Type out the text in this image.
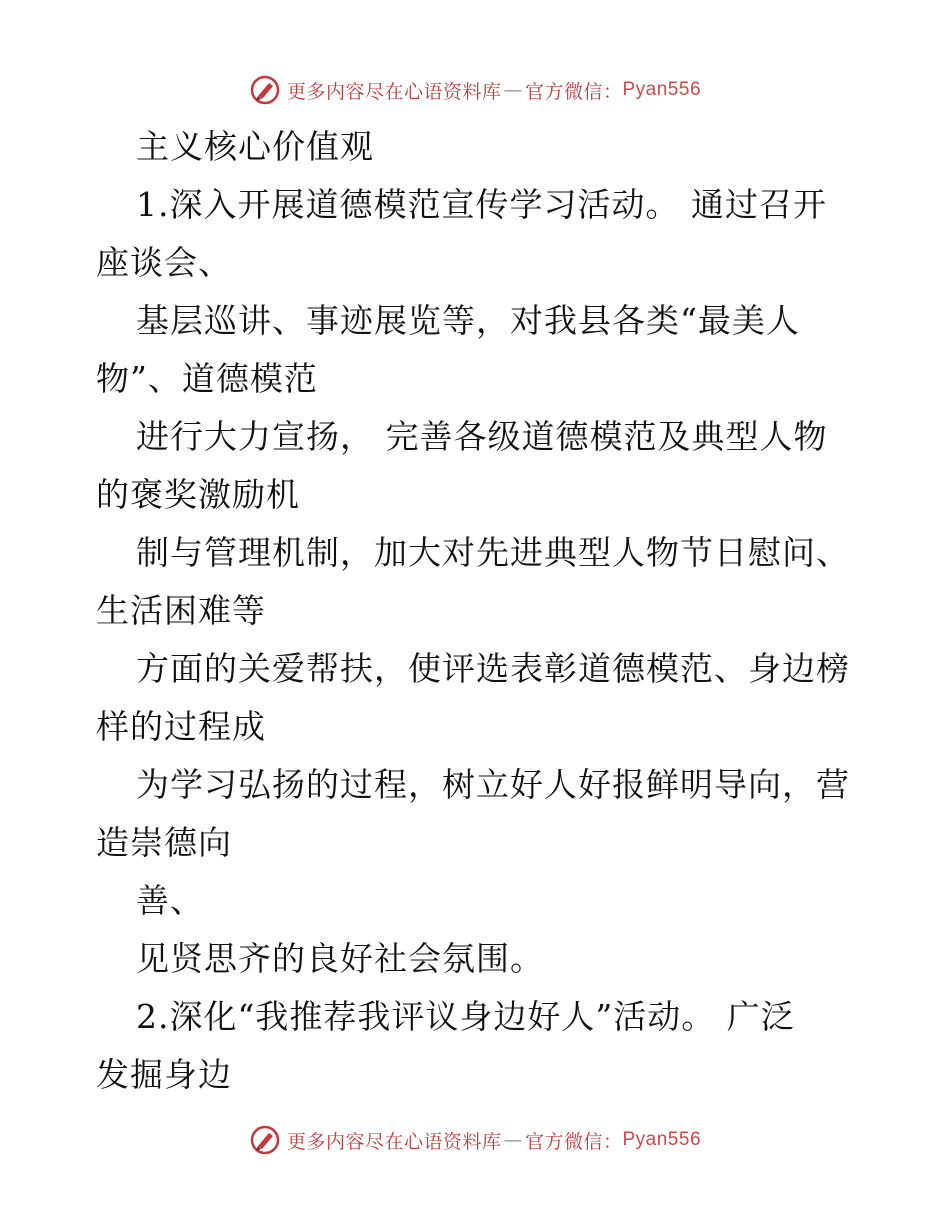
更多内容尽在心语资料库 — 官方微信： Pyan556
主义核心价值观
1.深入开展道德模范宣传学习活动。 通过召开
座谈会、
基层巡讲、事迹展览等，对我县各类“最美人
物”、道德模范
进行大力宣扬， 完善各级道德模范及典型人物
的褒奖激励机
制与管理机制，加大对先进典型人物节日慰问、
生活困难等
方面的关爱帮扶，使评选表彰道德模范、身边榜
样的过程成
为学习弘扬的过程，树立好人好报鲜明导向，营
造崇德向
善、
见贤思齐的良好社会氛围。
2.深化“我推荐我评议身边好人”活动。 广泛
发掘身边
更多内容尽在心语资料库 — 官方微信： Pyan556
